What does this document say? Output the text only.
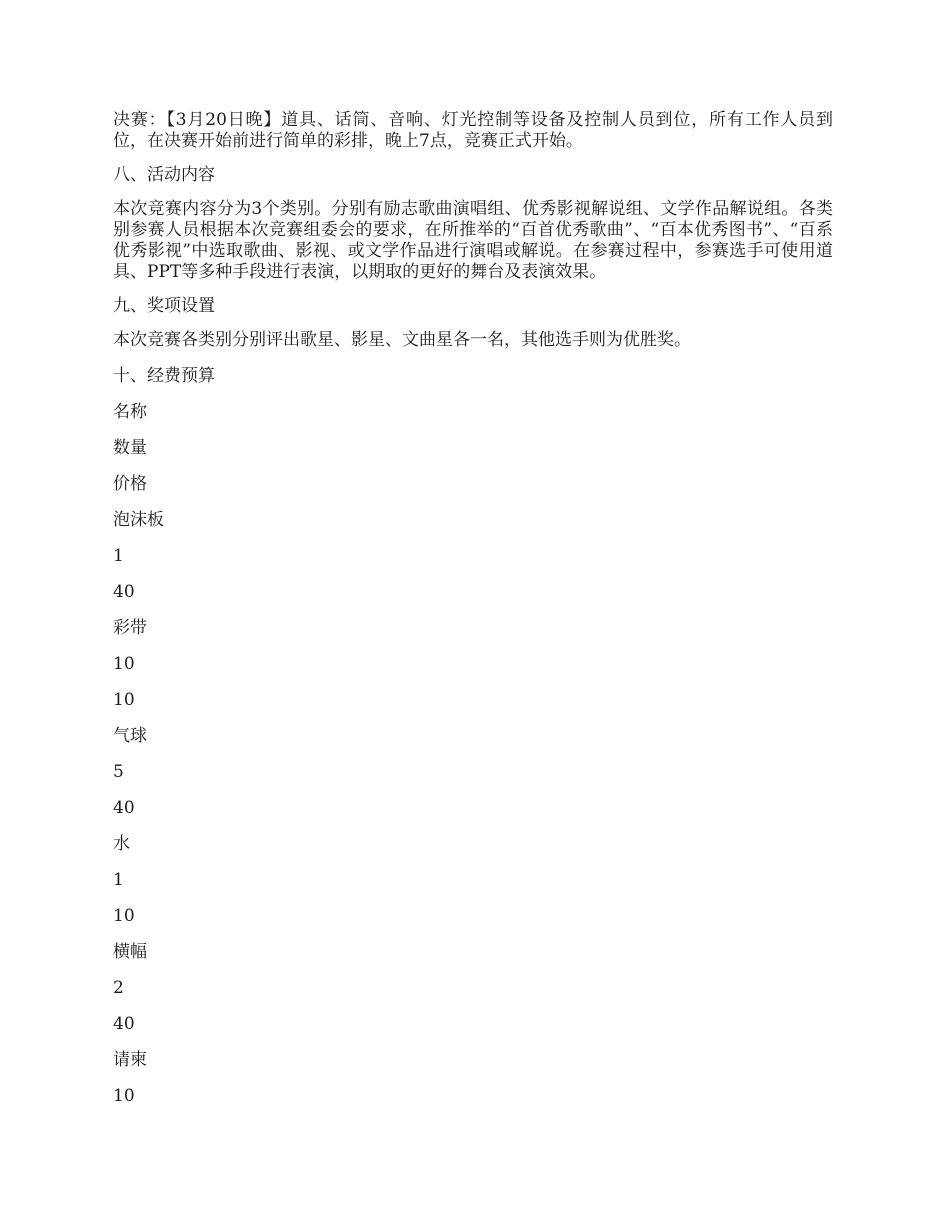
决赛：【3月20日晚】道具、话筒、音响、灯光控制等设备及控制人员到位，所有工作人员到位，在决赛开始前进行简单的彩排，晚上7点，竞赛正式开始。

八、活动内容

本次竞赛内容分为3个类别。分别有励志歌曲演唱组、优秀影视解说组、文学作品解说组。各类别参赛人员根据本次竞赛组委会的要求，在所推举的“百首优秀歌曲”、“百本优秀图书”、“百系优秀影视”中选取歌曲、影视、或文学作品进行演唱或解说。在参赛过程中，参赛选手可使用道具、PPT等多种手段进行表演，以期取的更好的舞台及表演效果。

九、奖项设置

本次竞赛各类别分别评出歌星、影星、文曲星各一名，其他选手则为优胜奖。

十、经费预算

名称

数量

价格

泡沫板

1

40

彩带

10

10

气球

5

40

水

1

10

横幅

2

40

请柬

10
